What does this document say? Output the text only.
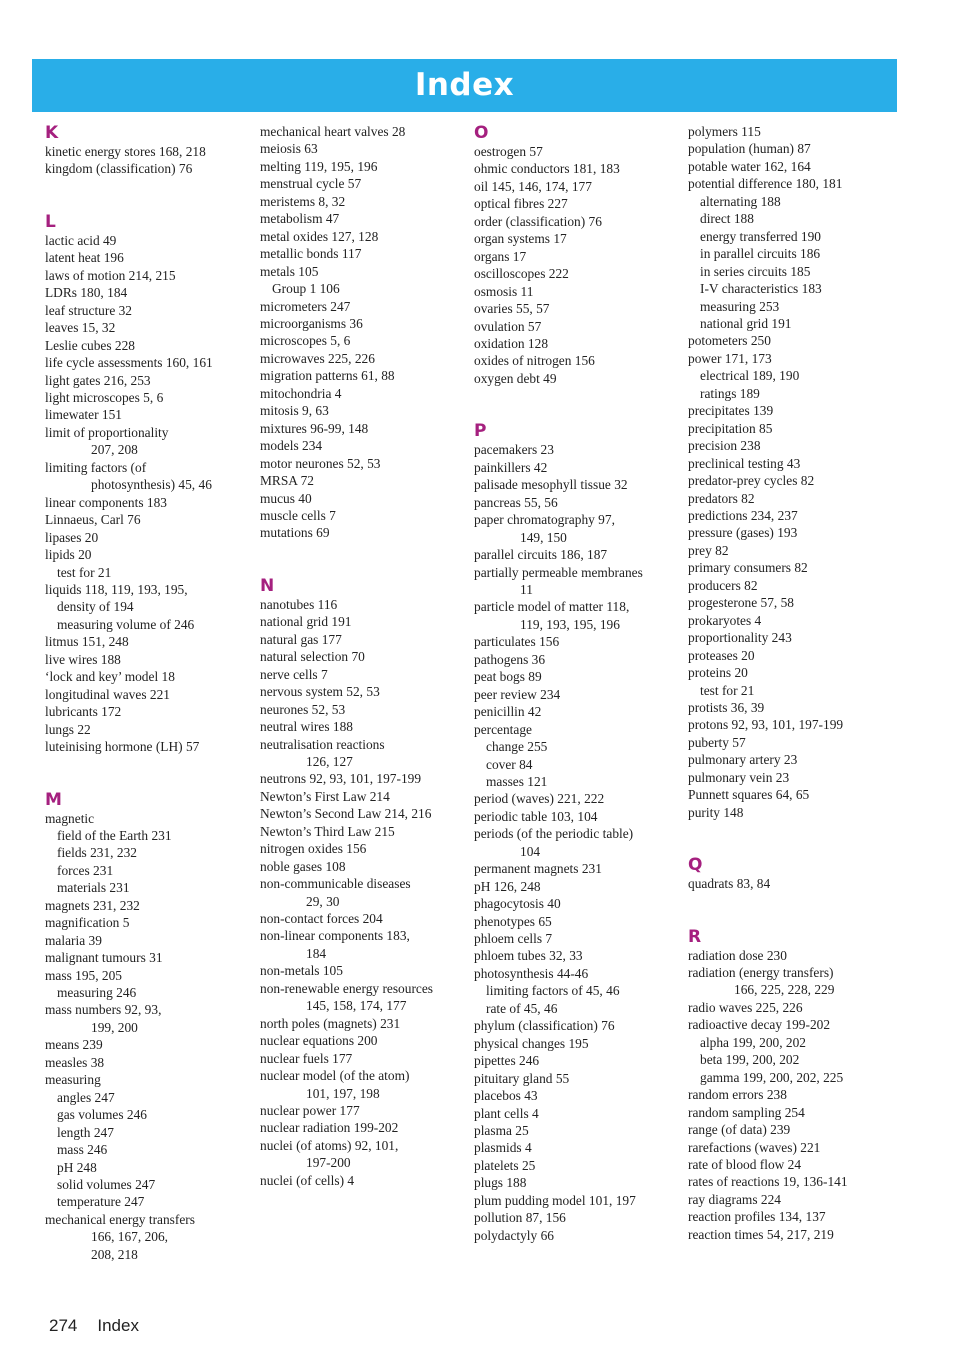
Index
K
kinetic energy stores 168, 218
kingdom (classification) 76
L
lactic acid 49
latent heat 196
laws of motion 214, 215
LDRs 180, 184
leaf structure 32
leaves 15, 32
Leslie cubes 228
life cycle assessments 160, 161
light gates 216, 253
light microscopes 5, 6
limewater 151
limit of proportionality
207, 208
limiting factors (of
photosynthesis) 45, 46
linear components 183
Linnaeus, Carl 76
lipases 20
lipids 20
test for 21
liquids 118, 119, 193, 195,
density of 194
measuring volume of 246
litmus 151, 248
live wires 188
‘lock and key’ model 18
longitudinal waves 221
lubricants 172
lungs 22
luteinising hormone (LH) 57
M
magnetic
field of the Earth 231
fields 231, 232
forces 231
materials 231
magnets 231, 232
magnification 5
malaria 39
malignant tumours 31
mass 195, 205
measuring 246
mass numbers 92, 93,
199, 200
means 239
measles 38
measuring
angles 247
gas volumes 246
length 247
mass 246
pH 248
solid volumes 247
temperature 247
mechanical energy transfers
166, 167, 206,
208, 218
mechanical heart valves 28
meiosis 63
melting 119, 195, 196
menstrual cycle 57
meristems 8, 32
metabolism 47
metal oxides 127, 128
metallic bonds 117
metals 105
Group 1 106
micrometers 247
microorganisms 36
microscopes 5, 6
microwaves 225, 226
migration patterns 61, 88
mitochondria 4
mitosis 9, 63
mixtures 96-99, 148
models 234
motor neurones 52, 53
MRSA 72
mucus 40
muscle cells 7
mutations 69
N
nanotubes 116
national grid 191
natural gas 177
natural selection 70
nerve cells 7
nervous system 52, 53
neurones 52, 53
neutral wires 188
neutralisation reactions
126, 127
neutrons 92, 93, 101, 197-199
Newton’s First Law 214
Newton’s Second Law 214, 216
Newton’s Third Law 215
nitrogen oxides 156
noble gases 108
non-communicable diseases
29, 30
non-contact forces 204
non-linear components 183,
184
non-metals 105
non-renewable energy resources
145, 158, 174, 177
north poles (magnets) 231
nuclear equations 200
nuclear fuels 177
nuclear model (of the atom)
101, 197, 198
nuclear power 177
nuclear radiation 199-202
nuclei (of atoms) 92, 101,
197-200
nuclei (of cells) 4
O
oestrogen 57
ohmic conductors 181, 183
oil 145, 146, 174, 177
optical fibres 227
order (classification) 76
organ systems 17
organs 17
oscilloscopes 222
osmosis 11
ovaries 55, 57
ovulation 57
oxidation 128
oxides of nitrogen 156
oxygen debt 49
P
pacemakers 23
painkillers 42
palisade mesophyll tissue 32
pancreas 55, 56
paper chromatography 97,
149, 150
parallel circuits 186, 187
partially permeable membranes
11
particle model of matter 118,
119, 193, 195, 196
particulates 156
pathogens 36
peat bogs 89
peer review 234
penicillin 42
percentage
change 255
cover 84
masses 121
period (waves) 221, 222
periodic table 103, 104
periods (of the periodic table)
104
permanent magnets 231
pH 126, 248
phagocytosis 40
phenotypes 65
phloem cells 7
phloem tubes 32, 33
photosynthesis 44-46
limiting factors of 45, 46
rate of 45, 46
phylum (classification) 76
physical changes 195
pipettes 246
pituitary gland 55
placebos 43
plant cells 4
plasma 25
plasmids 4
platelets 25
plugs 188
plum pudding model 101, 197
pollution 87, 156
polydactyly 66
polymers 115
population (human) 87
potable water 162, 164
potential difference 180, 181
alternating 188
direct 188
energy transferred 190
in parallel circuits 186
in series circuits 185
I-V characteristics 183
measuring 253
national grid 191
potometers 250
power 171, 173
electrical 189, 190
ratings 189
precipitates 139
precipitation 85
precision 238
preclinical testing 43
predator-prey cycles 82
predators 82
predictions 234, 237
pressure (gases) 193
prey 82
primary consumers 82
producers 82
progesterone 57, 58
prokaryotes 4
proportionality 243
proteases 20
proteins 20
test for 21
protists 36, 39
protons 92, 93, 101, 197-199
puberty 57
pulmonary artery 23
pulmonary vein 23
Punnett squares 64, 65
purity 148
Q
quadrats 83, 84
R
radiation dose 230
radiation (energy transfers)
166, 225, 228, 229
radio waves 225, 226
radioactive decay 199-202
alpha 199, 200, 202
beta 199, 200, 202
gamma 199, 200, 202, 225
random errors 238
random sampling 254
range (of data) 239
rarefactions (waves) 221
rate of blood flow 24
rates of reactions 19, 136-141
ray diagrams 224
reaction profiles 134, 137
reaction times 54, 217, 219
274 Index
